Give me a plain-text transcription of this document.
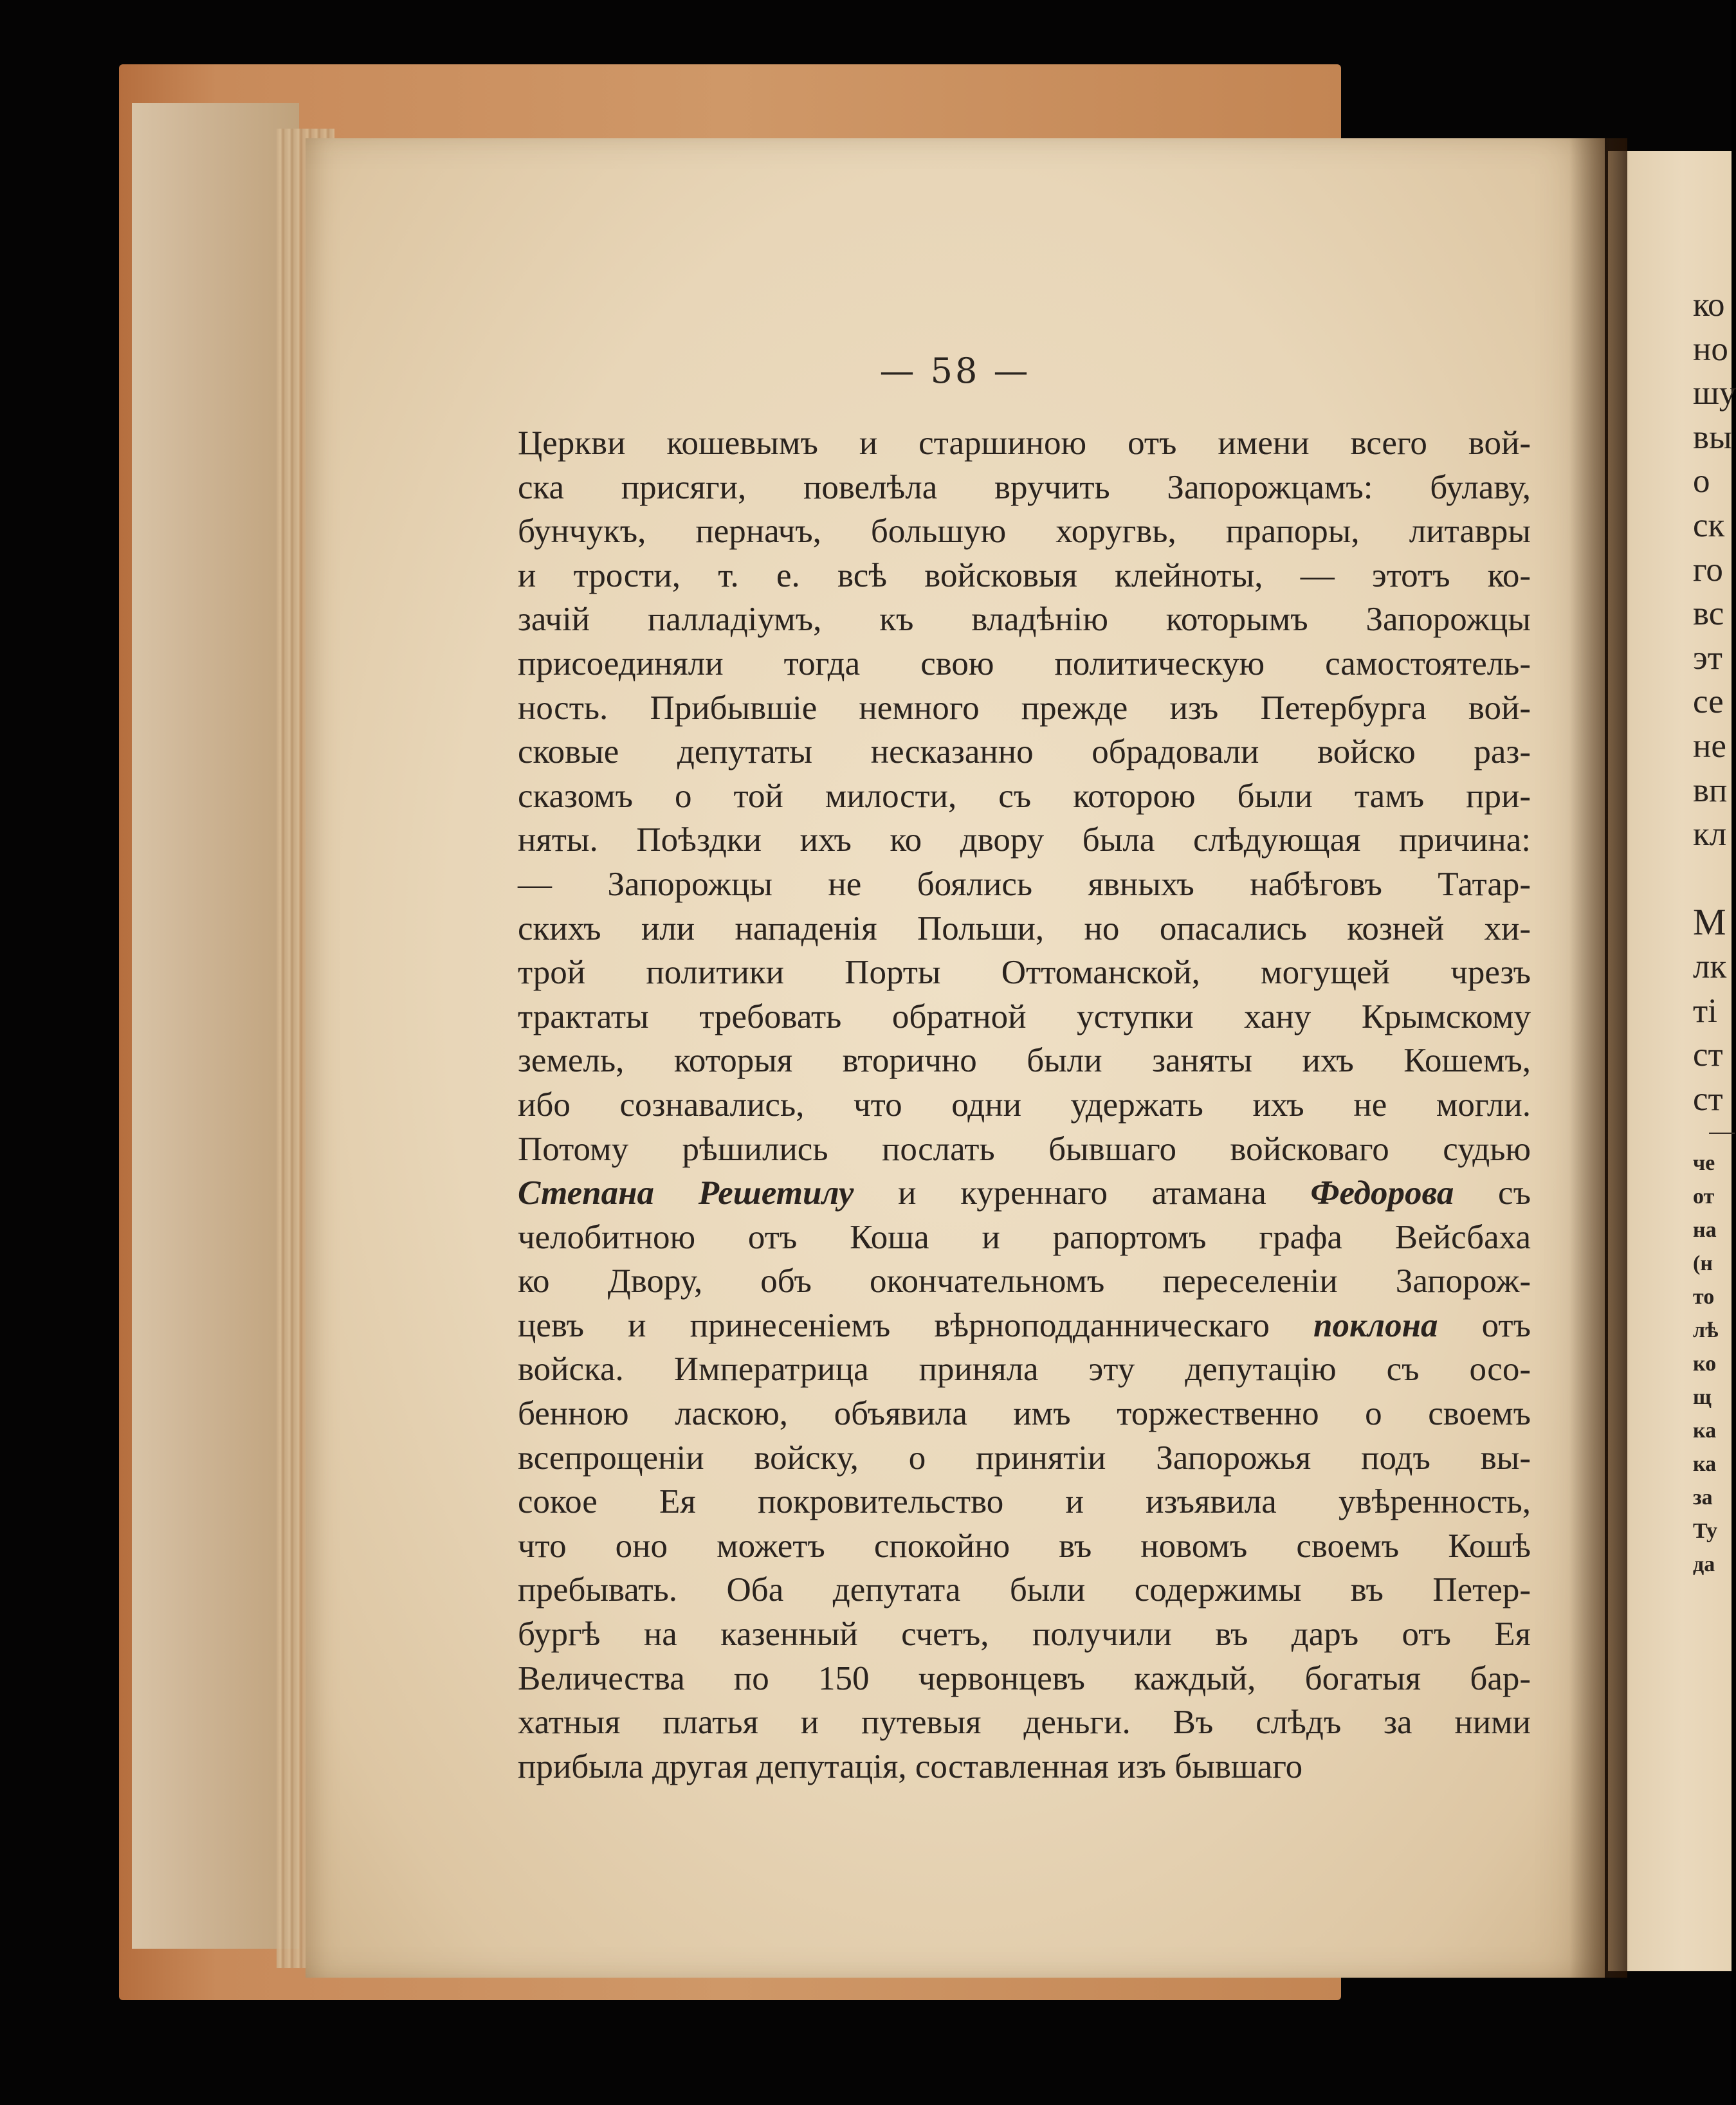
— 58 —
Церкви кошевымъ и старшиною отъ имени всего вой-
ска присяги, повелѣла вручить Запорожцамъ: булаву,
бунчукъ, перначъ, большую хоругвь, прапоры, литавры
и трости, т. е. всѣ войсковыя клейноты, — этотъ ко-
зачій палладіумъ, къ владѣнію которымъ Запорожцы
присоединяли тогда свою политическую самостоятель-
ность. Прибывшіе немного прежде изъ Петербурга вой-
сковые депутаты несказанно обрадовали войско раз-
сказомъ о той милости, съ которою были тамъ при-
няты. Поѣздки ихъ ко двору была слѣдующая причина:
— Запорожцы не боялись явныхъ набѣговъ Татар-
скихъ или нападенія Польши, но опасались козней хи-
трой политики Порты Оттоманской, могущей чрезъ
трактаты требовать обратной уступки хану Крымскому
земель, которыя вторично были заняты ихъ Кошемъ,
ибо сознавались, что одни удержать ихъ не могли.
Потому рѣшились послать бывшаго войсковаго судью
Степана Решетилу и куреннаго атамана Федорова съ
челобитною отъ Коша и рапортомъ графа Вейсбаха
ко Двору, объ окончательномъ переселеніи Запорож-
цевъ и принесеніемъ вѣрноподданническаго поклона отъ
войска. Императрица приняла эту депутацію съ осо-
бенною ласкою, объявила имъ торжественно о своемъ
всепрощеніи войску, о принятіи Запорожья подъ вы-
сокое Ея покровительство и изъявила увѣренность,
что оно можетъ спокойно въ новомъ своемъ Кошѣ
пребывать. Оба депутата были содержимы въ Петер-
бургѣ на казенный счетъ, получили въ даръ отъ Ея
Величества по 150 червонцевъ каждый, богатыя бар-
хатныя платья и путевыя деньги. Въ слѣдъ за ними
прибыла другая депутація, составленная изъ бывшаго
ко
но
шу
вы
о
ск
го
вс
эт
се
не
вп
кл
М
лк
ті
ст
ст
че
от
на
(н
то
лѣ
ко
щ
ка
ка
за
Ту
да
